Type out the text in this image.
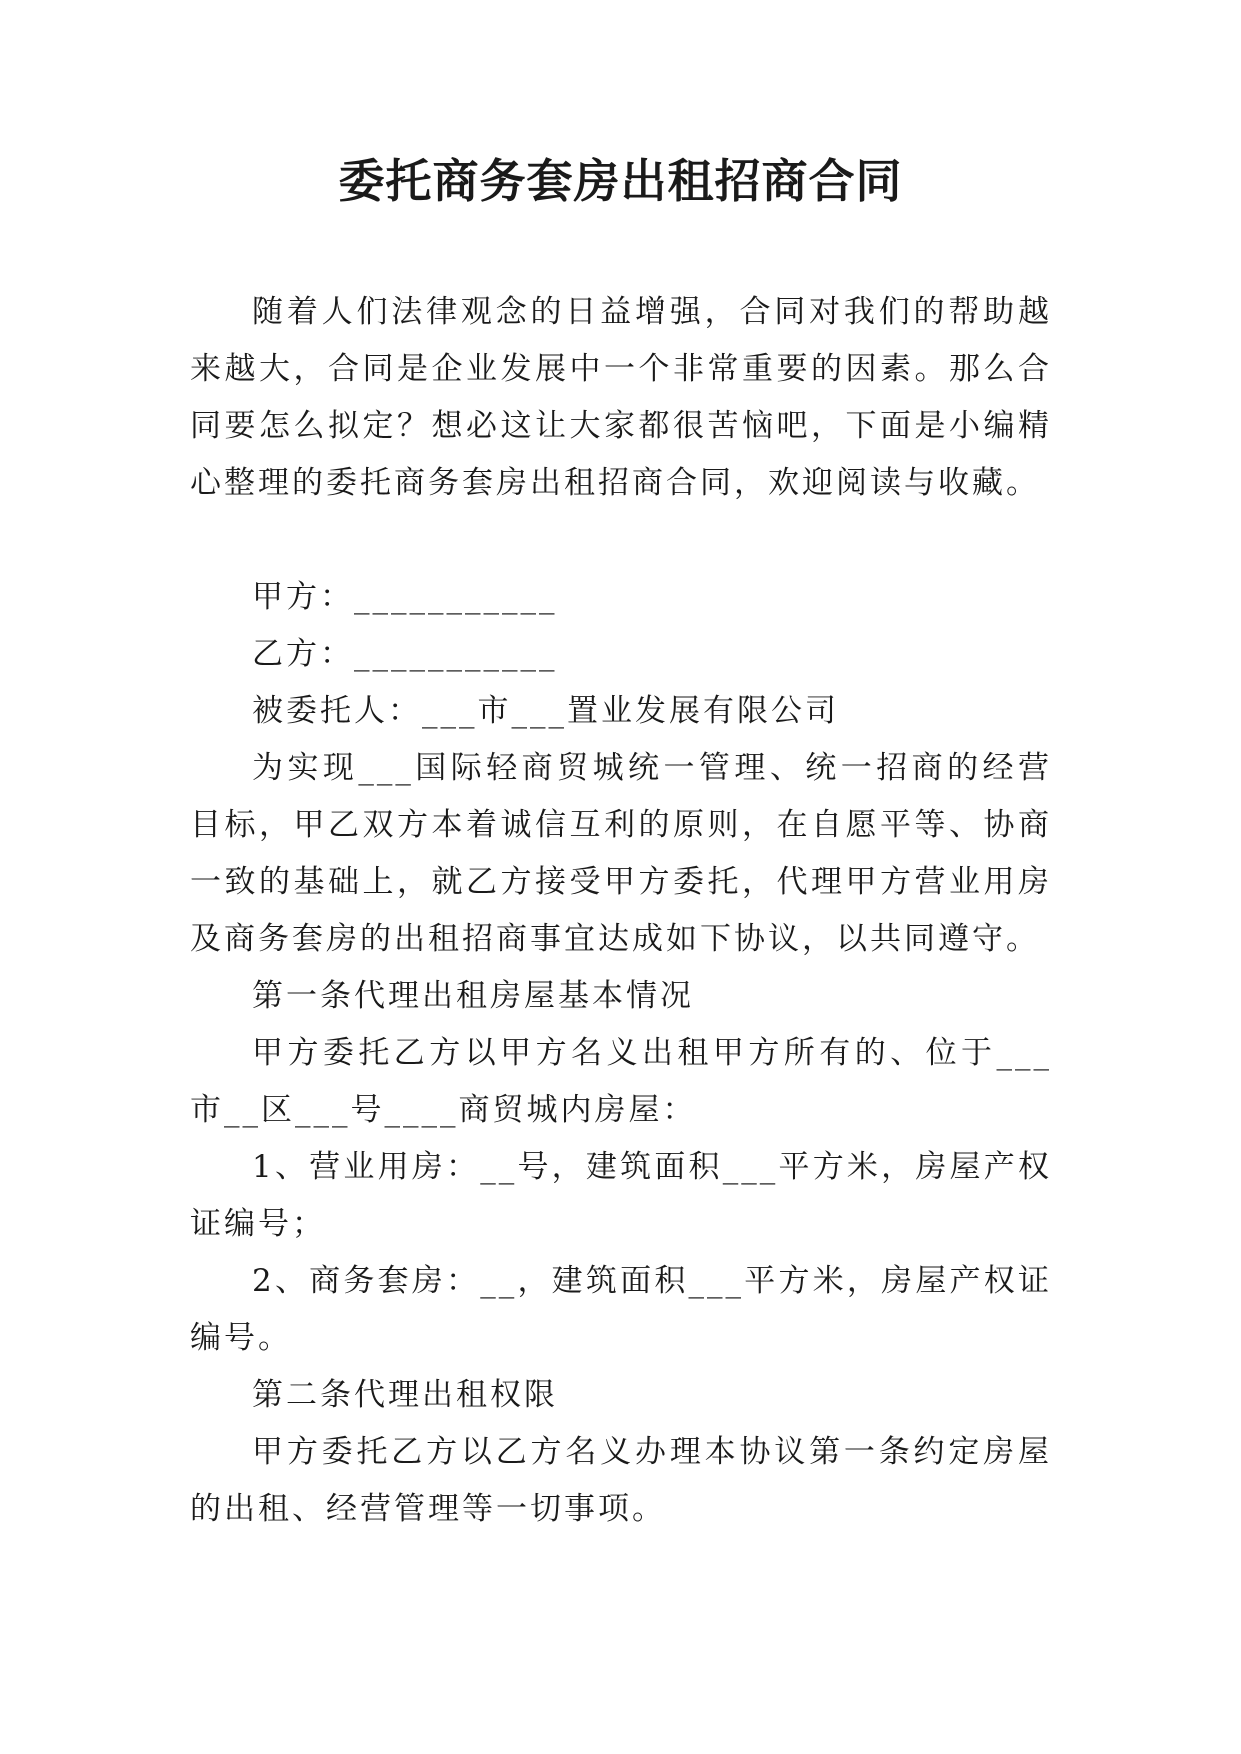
委托商务套房出租招商合同

随着人们法律观念的日益增强，合同对我们的帮助越来越大，合同是企业发展中一个非常重要的因素。那么合同要怎么拟定？想必这让大家都很苦恼吧，下面是小编精心整理的委托商务套房出租招商合同，欢迎阅读与收藏。

甲方：___________

乙方：___________

被委托人：___市___置业发展有限公司

为实现___国际轻商贸城统一管理、统一招商的经营目标，甲乙双方本着诚信互利的原则，在自愿平等、协商一致的基础上，就乙方接受甲方委托，代理甲方营业用房及商务套房的出租招商事宜达成如下协议，以共同遵守。

第一条代理出租房屋基本情况

甲方委托乙方以甲方名义出租甲方所有的、位于___市__区___号____商贸城内房屋：

1、营业用房：__号，建筑面积___平方米，房屋产权证编号；

2、商务套房：__，建筑面积___平方米，房屋产权证编号。

第二条代理出租权限

甲方委托乙方以乙方名义办理本协议第一条约定房屋的出租、经营管理等一切事项。
